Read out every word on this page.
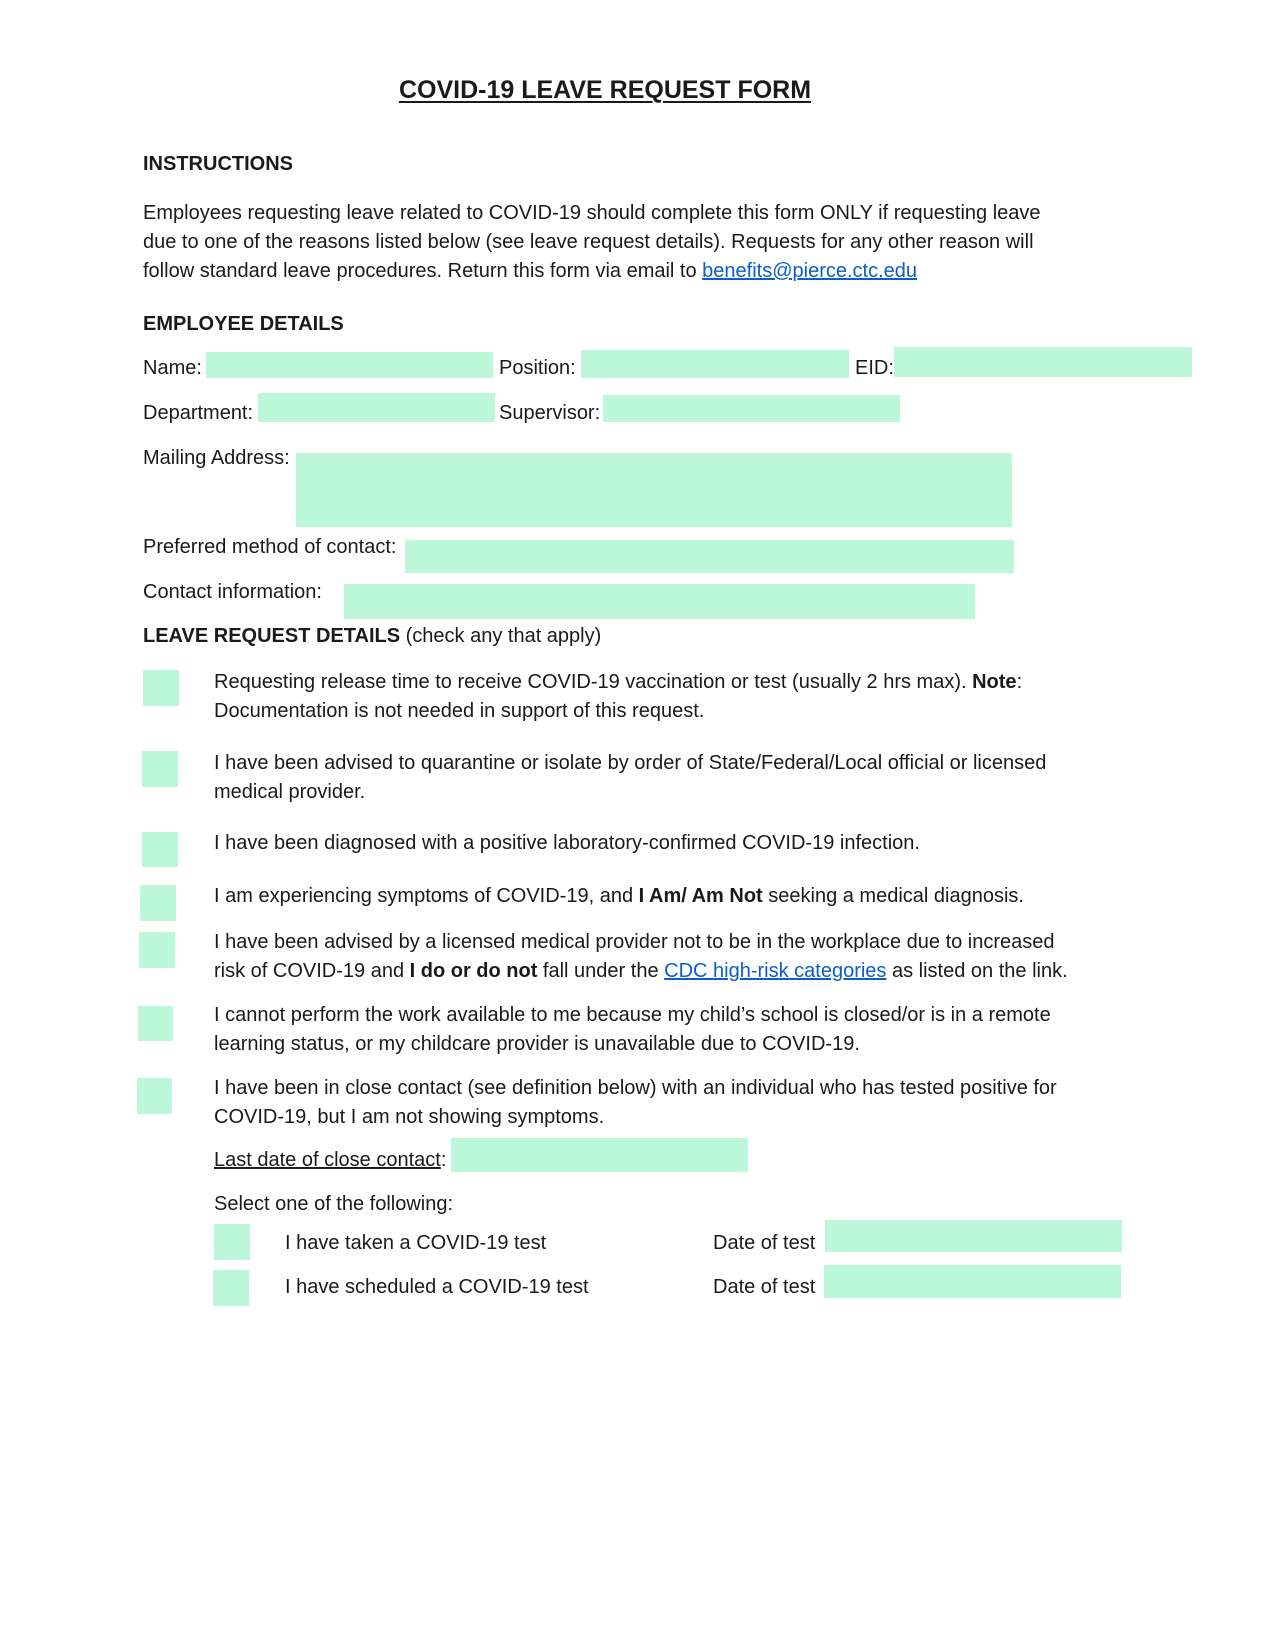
COVID-19 LEAVE REQUEST FORM
INSTRUCTIONS
Employees requesting leave related to COVID-19 should complete this form ONLY if requesting leave
due to one of the reasons listed below (see leave request details). Requests for any other reason will
follow standard leave procedures. Return this form via email to benefits@pierce.ctc.edu
EMPLOYEE DETAILS
Name:	Position:	EID:
Department:	Supervisor:
Mailing Address:
Preferred method of contact:
Contact information:
LEAVE REQUEST DETAILS (check any that apply)
Requesting release time to receive COVID-19 vaccination or test (usually 2 hrs max). Note:
Documentation is not needed in support of this request.
I have been advised to quarantine or isolate by order of State/Federal/Local official or licensed
medical provider.
I have been diagnosed with a positive laboratory-confirmed COVID-19 infection.
I am experiencing symptoms of COVID-19, and I Am/ Am Not seeking a medical diagnosis.
I have been advised by a licensed medical provider not to be in the workplace due to increased
risk of COVID-19 and I do or do not fall under the CDC high-risk categories as listed on the link.
I cannot perform the work available to me because my child’s school is closed/or is in a remote
learning status, or my childcare provider is unavailable due to COVID-19.
I have been in close contact (see definition below) with an individual who has tested positive for
COVID-19, but I am not showing symptoms.
Last date of close contact:
Select one of the following:
I have taken a COVID-19 test	Date of test
I have scheduled a COVID-19 test	Date of test
